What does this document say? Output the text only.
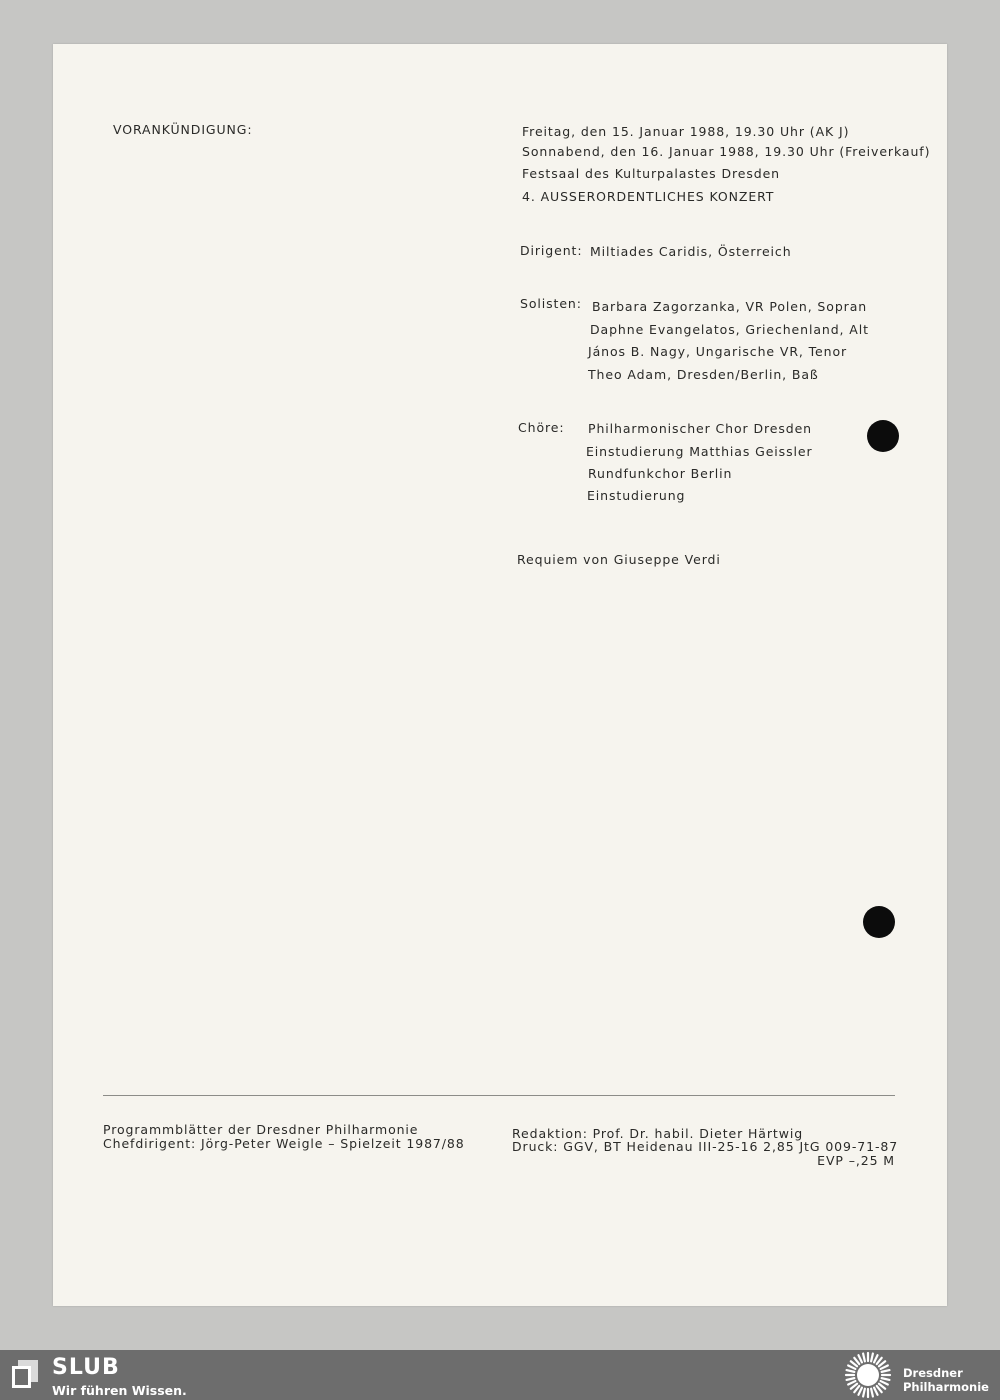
VORANKÜNDIGUNG:	Freitag, den 15. Januar 1988, 19.30 Uhr (AK J)
Sonnabend, den 16. Januar 1988, 19.30 Uhr (Freiverkauf)
Festsaal des Kulturpalastes Dresden
4. AUSSERORDENTLICHES KONZERT
Dirigent: Miltiades Caridis, Österreich
Solisten: Barbara Zagorzanka, VR Polen, Sopran
Daphne Evangelatos, Griechenland, Alt
János B. Nagy, Ungarische VR, Tenor
Theo Adam, Dresden/Berlin, Baß
Chöre: Philharmonischer Chor Dresden
Einstudierung Matthias Geissler
Rundfunkchor Berlin
Einstudierung
Requiem von Giuseppe Verdi
Programmblätter der Dresdner Philharmonie
Chefdirigent: Jörg-Peter Weigle – Spielzeit 1987/88
Redaktion: Prof. Dr. habil. Dieter Härtwig
Druck: GGV, BT Heidenau III-25-16 2,85 JtG 009-71-87
EVP –,25 M
SLUB
Wir führen Wissen.
Dresdner
Philharmonie
